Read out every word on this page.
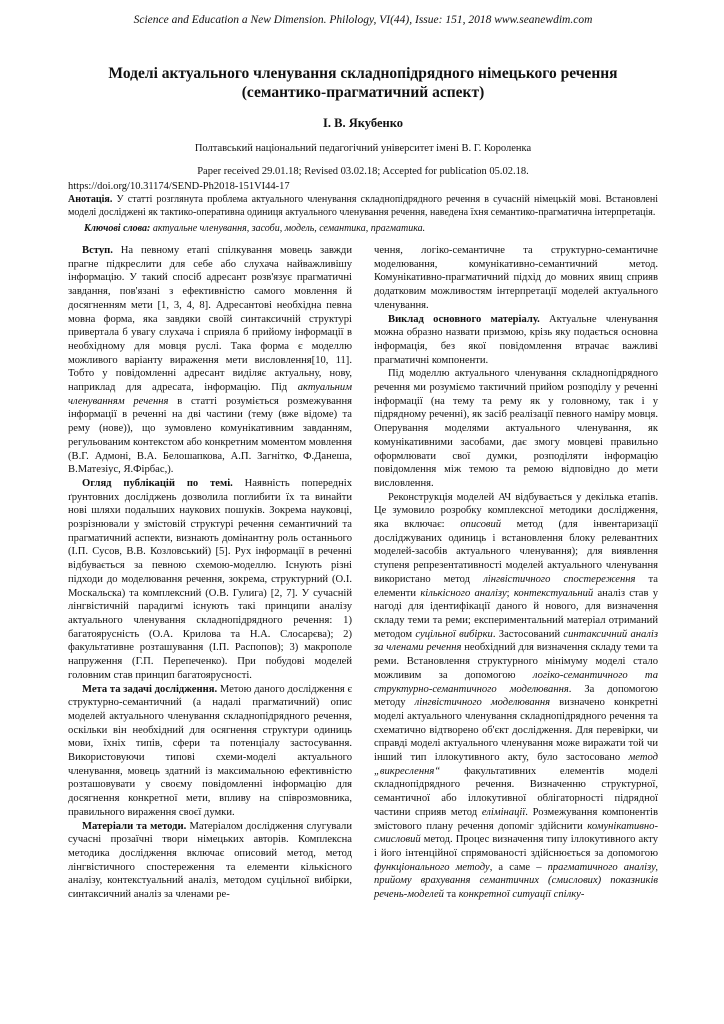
Science and Education a New Dimension. Philology, VI(44), Issue: 151, 2018 www.seanewdim.com
Моделі актуального членування складнопідрядного німецького речення
(семантико-прагматичний аспект)
І. В. Якубенко
Полтавський національний педагогічний університет імені В. Г. Короленка
Paper received 29.01.18; Revised 03.02.18; Accepted for publication 05.02.18.
https://doi.org/10.31174/SEND-Ph2018-151VI44-17
Анотація. У статті розглянута проблема актуального членування складнопідрядного речення в сучасній німецькій мові. Встановлені моделі досліджені як тактико-оперативна одиниця актуального членування речення, наведена їхня семантико-прагматична інтерпретація.
Ключові слова: актуальне членування, засоби, модель, семантика, прагматика.

Вступ. На певному етапі спілкування мовець завжди прагне підкреслити для себе або слухача найважливішу інформацію. У такий спосіб адресант розв'язує прагматичні завдання, пов'язані з ефективністю самого мовлення й досягненням мети [1, 3, 4, 8]. Адресантові необхідна певна мовна форма, яка завдяки своїй синтаксичній структурі привертала б увагу слухача і сприяла б прийому інформації в необхідному для мовця руслі. Така форма є моделлю можливого варіанту вираження мети висловлення[10, 11]. Тобто у повідомленні адресант виділяє актуальну, нову, наприклад для адресата, інформацію. Під актуальним членуванням речення в статті розуміється розмежування інформації в реченні на дві частини (тему (вже відоме) та рему (нове)), що зумовлено комунікативним завданням, регульованим контекстом або конкретним моментом мовлення (В.Г. Адмоні, В.А. Белошапкова, А.П. Загнітко, Ф.Данеша, В.Матезіус, Я.Фірбас,).

Огляд публікацій по темі. Наявність попередніх ґрунтовних досліджень дозволила поглибити їх та винайти нові шляхи подальших наукових пошуків. Зокрема науковці, розрізнювали у змістовій структурі речення семантичний та прагматичний аспекти, визнають домінантну роль останнього (І.П. Сусов, В.В. Козловський) [5]. Рух інформації в реченні відбувається за певною схемою-моделлю. Існують різні підходи до моделювання речення, зокрема, структурний (О.І. Москальска) та комплексний (О.В. Гулига) [2, 7]. У сучасній лінгвістичній парадигмі існують такі принципи аналізу актуального членування складнопідрядного речення: 1) багатоярусність (О.А. Крилова та Н.А. Слосарєва); 2) факультативне розташування (І.П. Распопов); 3) макрополе напруження (Г.П. Перепеченко). При побудові моделей головним став принцип багатоярусності.

Мета та задачі дослідження. Метою даного дослідження є структурно-семантичний (а надалі прагматичний) опис моделей актуального членування складнопідрядного речення, оскільки він необхідний для осягнення структури одиниць мови, їхніх типів, сфери та потенціалу застосування. Використовуючи типові схеми-моделі актуального членування, мовець здатний із максимальною ефективністю розташовувати у своєму повідомленні інформацію для досягнення конкретної мети, впливу на співрозмовника, правильного вираження своєї думки.

Матеріали та методи. Матеріалом дослідження слугували сучасні прозаїчні твори німецьких авторів. Комплексна методика дослідження включає описовий метод, метод лінгвістичного спостереження та елементи кількісного аналізу, контекстуальний аналіз, методом суцільної вибірки, синтаксичний аналіз за членами ре-

чення, логіко-семантичне та структурно-семантичне моделювання, комунікативно-семантичний метод. Комунікативно-прагматичний підхід до мовних явищ сприяв додатковим можливостям інтерпретації моделей актуального членування.

Виклад основного матеріалу. Актуальне членування можна образно назвати призмою, крізь яку подається основна інформація, без якої повідомлення втрачає важливі прагматичні компоненти.

Під моделлю актуального членування складнопідрядного речення ми розуміємо тактичний прийом розподілу у реченні інформації (на тему та рему як у головному, так і у підрядному реченні), як засіб реалізації певного наміру мовця. Оперування моделями актуального членування, як комунікативними засобами, дає змогу мовцеві правильно оформлювати свої думки, розподіляти інформацію повідомлення між темою та ремою відповідно до мети висловлення.

Реконструкція моделей АЧ відбувається у декілька етапів. Це зумовило розробку комплексної методики дослідження, яка включає: описовий метод (для інвентаризації досліджуваних одиниць і встановлення блоку релевантних моделей-засобів актуального членування); для виявлення ступеня репрезентативності моделей актуального членування використано метод лінгвістичного спостереження та елементи кількісного аналізу; контекстуальний аналіз став у нагоді для ідентифікації даного й нового, для визначення складу теми та реми; експериментальний матеріал отриманий методом суцільної вибірки. Застосований синтаксичний аналіз за членами речення необхідний для визначення складу теми та реми. Встановлення структурного мінімуму моделі стало можливим за допомогою логіко-семантичного та структурно-семантичного моделювання. За допомогою методу лінгвістичного моделювання визначено конкретні моделі актуального членування складнопідрядного речення та схематично відтворено об'єкт дослідження. Для перевірки, чи справді моделі актуального членування може виражати той чи інший тип іллокутивного акту, було застосовано метод „викреслення“ факультативних елементів моделі складнопідрядного речення. Визначенню структурної, семантичної або іллокутивної облігаторності підрядної частини сприяв метод елімінації. Розмежування компонентів змістового плану речення допоміг здійснити комунікативно-смисловий метод. Процес визначення типу іллокутивного акту і його інтенційної спрямованості здійснюється за допомогою функціонального методу, а саме – прагматичного аналізу, прийому врахування семантичних (смислових) показників речень-моделей та конкретної ситуації спілку-
